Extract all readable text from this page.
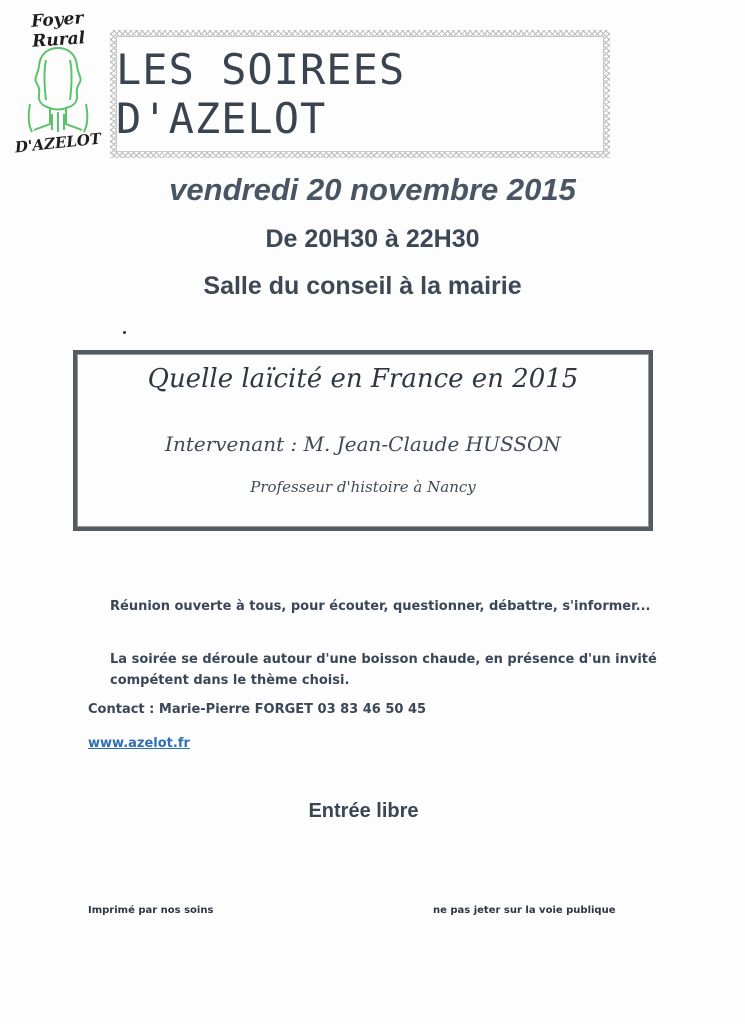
Foyer Rural
D'AZELOT
LES SOIREES D'AZELOT
vendredi 20 novembre 2015
De 20H30 à 22H30
Salle du conseil à la mairie
Quelle laïcité en France en 2015
Intervenant : M. Jean-Claude HUSSON
Professeur d'histoire à Nancy
Réunion ouverte à tous, pour écouter, questionner, débattre, s'informer...
La soirée se déroule autour d'une boisson chaude, en présence d'un invité compétent dans le thème choisi.
Contact : Marie-Pierre FORGET 03 83 46 50 45
www.azelot.fr
Entrée libre
Imprimé par nos soins	ne pas jeter sur la voie publique
